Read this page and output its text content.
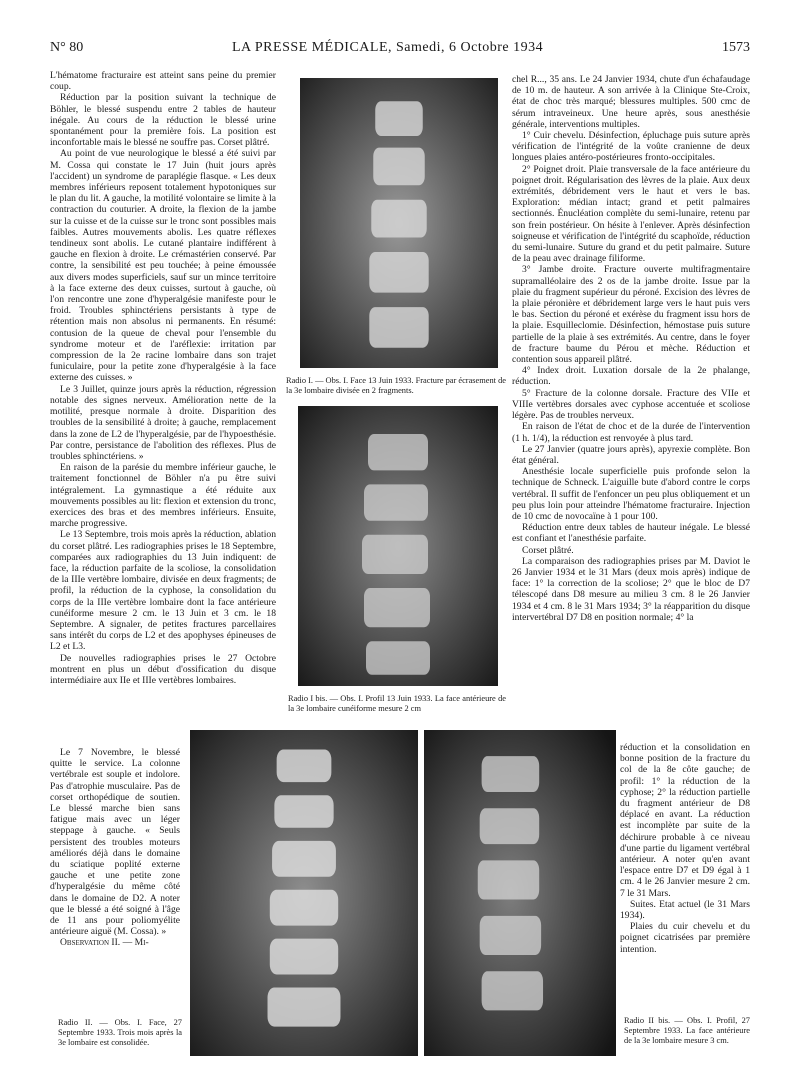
N° 80	LA PRESSE MÉDICALE, Samedi, 6 Octobre 1934	1573

L'hématome fracturaire est atteint sans peine du premier coup.

Réduction par la position suivant la technique de Böhler, le blessé suspendu entre 2 tables de hauteur inégale. Au cours de la réduction le blessé urine spontanément pour la première fois. La position est inconfortable mais le blessé ne souffre pas. Corset plâtré.

Au point de vue neurologique le blessé a été suivi par M. Cossa qui constate le 17 Juin (huit jours après l'accident) un syndrome de paraplégie flasque. « Les deux membres inférieurs reposent totalement hypotoniques sur le plan du lit. A gauche, la motilité volontaire se limite à la contraction du couturier. A droite, la flexion de la jambe sur la cuisse et de la cuisse sur le tronc sont possibles mais faibles. Autres mouvements abolis. Les quatre réflexes tendineux sont abolis. Le cutané plantaire indifférent à gauche en flexion à droite. Le crémastérien conservé. Par contre, la sensibilité est peu touchée; à peine émoussée aux divers modes superficiels, sauf sur un mince territoire à la face externe des deux cuisses, surtout à gauche, où l'on rencontre une zone d'hyperalgésie manifeste pour le froid. Troubles sphinctériens persistants à type de rétention mais non absolus ni permanents. En résumé: contusion de la queue de cheval pour l'ensemble du syndrome moteur et de l'aréflexie: irritation par compression de la 2e racine lombaire dans son trajet funiculaire, pour la petite zone d'hyperalgésie à la face externe des cuisses. »

Le 3 Juillet, quinze jours après la réduction, régression notable des signes nerveux. Amélioration nette de la motilité, presque normale à droite. Disparition des troubles de la sensibilité à droite; à gauche, remplacement dans la zone de L2 de l'hyperalgésie, par de l'hypoesthésie. Par contre, persistance de l'abolition des réflexes. Plus de troubles sphinctériens. »

En raison de la parésie du membre inférieur gauche, le traitement fonctionnel de Böhler n'a pu être suivi intégralement. La gymnastique a été réduite aux mouvements possibles au lit: flexion et extension du tronc, exercices des bras et des membres inférieurs. Ensuite, marche progressive.

Le 13 Septembre, trois mois après la réduction, ablation du corset plâtré. Les radiographies prises le 18 Septembre, comparées aux radiographies du 13 Juin indiquent: de face, la réduction parfaite de la scoliose, la consolidation de la IIIe vertèbre lombaire, divisée en deux fragments; de profil, la réduction de la cyphose, la consolidation du corps de la IIIe vertèbre lombaire dont la face antérieure cunéiforme mesure 2 cm. le 13 Juin et 3 cm. le 18 Septembre. A signaler, de petites fractures parcellaires sans intérêt du corps de L2 et des apophyses épineuses de L2 et L3.

De nouvelles radiographies prises le 27 Octobre montrent en plus un début d'ossification du disque intermédiaire aux IIe et IIIe vertèbres lombaires.

Le 7 Novembre, le blessé quitte le service. La colonne vertébrale est souple et indolore. Pas d'atrophie musculaire. Pas de corset orthopédique de soutien. Le blessé marche bien sans fatigue mais avec un léger steppage à gauche. « Seuls persistent des troubles moteurs améliorés déjà dans le domaine du sciatique poplité externe gauche et une petite zone d'hyperalgésie du même côté dans le domaine de D2. A noter que le blessé a été soigné à l'âge de 11 ans pour poliomyélite antérieure aiguë (M. Cossa). »

Observation II. — Mi-

Radio I. — Obs. I. Face 13 Juin 1933. Fracture par écrasement de la 3e lombaire divisée en 2 fragments.
Radio I bis. — Obs. I. Profil 13 Juin 1933. La face antérieure de la 3e lombaire cunéiforme mesure 2 cm
Radio II. — Obs. I. Face, 27 Septembre 1933. Trois mois après la 3e lombaire est consolidée.
Radio II bis. — Obs. I. Profil, 27 Septembre 1933. La face antérieure de la 3e lombaire mesure 3 cm.

chel R..., 35 ans. Le 24 Janvier 1934, chute d'un échafaudage de 10 m. de hauteur. A son arrivée à la Clinique Ste-Croix, état de choc très marqué; blessures multiples. 500 cmc de sérum intraveineux. Une heure après, sous anesthésie générale, interventions multiples.

1° Cuir chevelu. Désinfection, épluchage puis suture après vérification de l'intégrité de la voûte cranienne de deux longues plaies antéro-postérieures fronto-occipitales.

2° Poignet droit. Plaie transversale de la face antérieure du poignet droit. Régularisation des lèvres de la plaie. Aux deux extrémités, débridement vers le haut et vers le bas. Exploration: médian intact; grand et petit palmaires sectionnés. Énucléation complète du semi-lunaire, retenu par son frein postérieur. On hésite à l'enlever. Après désinfection soigneuse et vérification de l'intégrité du scaphoïde, réduction du semi-lunaire. Suture du grand et du petit palmaire. Suture de la peau avec drainage filiforme.

3° Jambe droite. Fracture ouverte multifragmentaire supramalléolaire des 2 os de la jambe droite. Issue par la plaie du fragment supérieur du péroné. Excision des lèvres de la plaie péronière et débridement large vers le haut puis vers le bas. Section du péroné et exérèse du fragment issu hors de la plaie. Esquilleclomie. Désinfection, hémostase puis suture partielle de la plaie à ses extrémités. Au centre, dans le foyer de fracture baume du Pérou et mèche. Réduction et contention sous appareil plâtré.

4° Index droit. Luxation dorsale de la 2e phalange, réduction.

5° Fracture de la colonne dorsale. Fracture des VIIe et VIIIe vertèbres dorsales avec cyphose accentuée et scoliose légère. Pas de troubles nerveux.

En raison de l'état de choc et de la durée de l'intervention (1 h. 1/4), la réduction est renvoyée à plus tard.

Le 27 Janvier (quatre jours après), apyrexie complète. Bon état général.

Anesthésie locale superficielle puis profonde selon la technique de Schneck. L'aiguille bute d'abord contre le corps vertébral. Il suffit de l'enfoncer un peu plus obliquement et un peu plus loin pour atteindre l'hématome fracturaire. Injection de 10 cmc de novocaïne à 1 pour 100.

Réduction entre deux tables de hauteur inégale. Le blessé est confiant et l'anesthésie parfaite.

Corset plâtré.

La comparaison des radiographies prises par M. Daviot le 26 Janvier 1934 et le 31 Mars (deux mois après) indique de face: 1° la correction de la scoliose; 2° que le bloc de D7 télescopé dans D8 mesure au milieu 3 cm. 8 le 26 Janvier 1934 et 4 cm. 8 le 31 Mars 1934; 3° la réapparition du disque intervertébral D7 D8 en position normale; 4° la

réduction et la consolidation en bonne position de la fracture du col de la 8e côte gauche; de profil: 1° la réduction de la cyphose; 2° la réduction partielle du fragment antérieur de D8 déplacé en avant. La réduction est incomplète par suite de la déchirure probable à ce niveau d'une partie du ligament vertébral antérieur. A noter qu'en avant l'espace entre D7 et D9 égal à 1 cm. 4 le 26 Janvier mesure 2 cm. 7 le 31 Mars.

Suites. Etat actuel (le 31 Mars 1934).

Plaies du cuir chevelu et du poignet cicatrisées par première intention.
